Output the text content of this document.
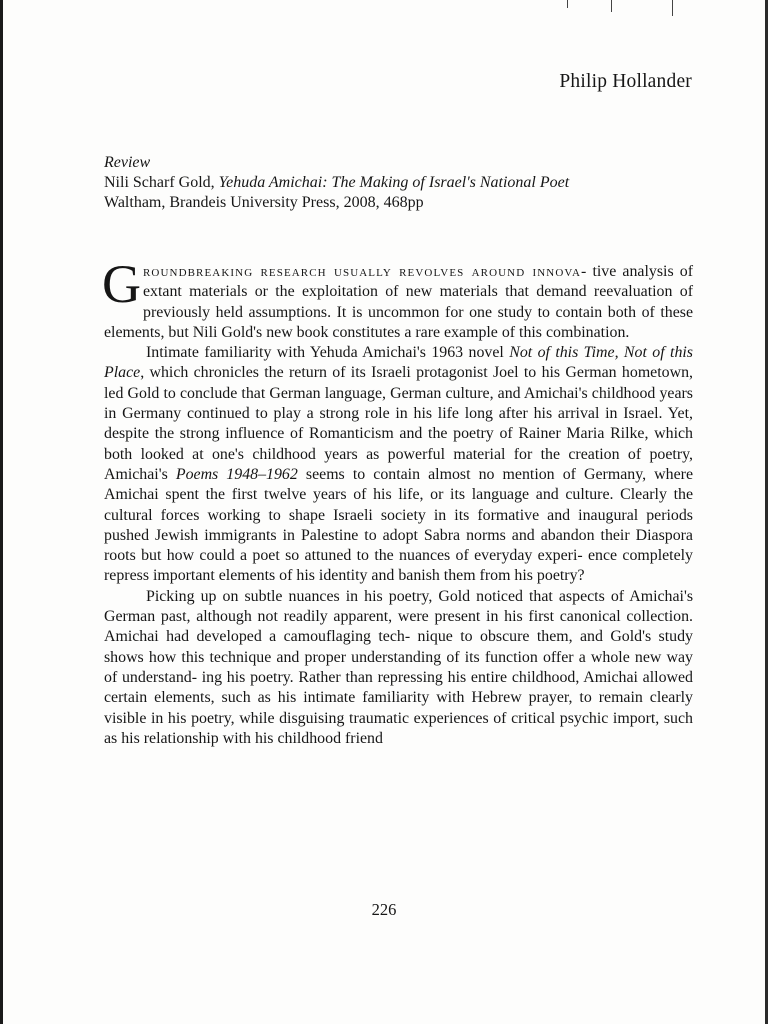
Philip Hollander
Review
Nili Scharf Gold, Yehuda Amichai: The Making of Israel's National Poet
Waltham, Brandeis University Press, 2008, 468pp

Groundbreaking research usually revolves around innova- tive analysis of extant materials or the exploitation of new materials that demand reevaluation of previously held assumptions. It is uncommon for one study to contain both of these elements, but Nili Gold's new book constitutes a rare example of this combination.

Intimate familiarity with Yehuda Amichai's 1963 novel Not of this Time, Not of this Place, which chronicles the return of its Israeli protagonist Joel to his German hometown, led Gold to conclude that German language, German culture, and Amichai's childhood years in Germany continued to play a strong role in his life long after his arrival in Israel. Yet, despite the strong influence of Romanticism and the poetry of Rainer Maria Rilke, which both looked at one's childhood years as powerful material for the creation of poetry, Amichai's Poems 1948–1962 seems to contain almost no mention of Germany, where Amichai spent the first twelve years of his life, or its language and culture. Clearly the cultural forces working to shape Israeli society in its formative and inaugural periods pushed Jewish immigrants in Palestine to adopt Sabra norms and abandon their Diaspora roots but how could a poet so attuned to the nuances of everyday experi- ence completely repress important elements of his identity and banish them from his poetry?

Picking up on subtle nuances in his poetry, Gold noticed that aspects of Amichai's German past, although not readily apparent, were present in his first canonical collection. Amichai had developed a camouflaging tech- nique to obscure them, and Gold's study shows how this technique and proper understanding of its function offer a whole new way of understand- ing his poetry. Rather than repressing his entire childhood, Amichai allowed certain elements, such as his intimate familiarity with Hebrew prayer, to remain clearly visible in his poetry, while disguising traumatic experiences of critical psychic import, such as his relationship with his childhood friend

226
